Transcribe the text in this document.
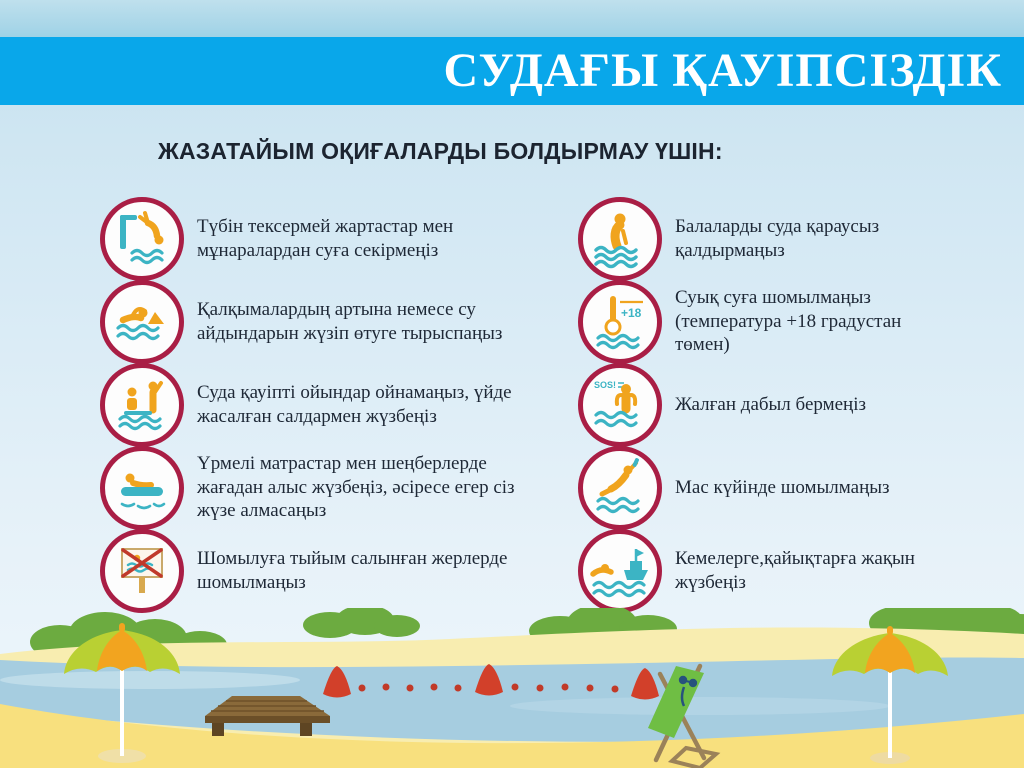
СУДАҒЫ ҚАУІПСІЗДІК
ЖАЗАТАЙЫМ ОҚИҒАЛАРДЫ БОЛДЫРМАУ ҮШІН:

Түбін тексермей жартастар мен мұнаралардан суға секірмеңіз

Қалқымалардың артына немесе су айдындарын жүзіп өтуге тырыспаңыз

Суда қауіпті ойындар ойнамаңыз, үйде жасалған салдармен жүзбеңіз

Үрмелі матрастар мен шеңберлерде жағадан алыс жүзбеңіз, әсіресе егер сіз жүзе алмасаңыз

Шомылуға тыйым салынған жерлерде шомылмаңыз

Балаларды суда қараусыз қалдырмаңыз

+18

Суық суға шомылмаңыз (температура +18 градустан төмен)

SOS!

Жалған дабыл бермеңіз

Мас күйінде шомылмаңыз

Кемелерге,қайықтарға жақын жүзбеңіз
